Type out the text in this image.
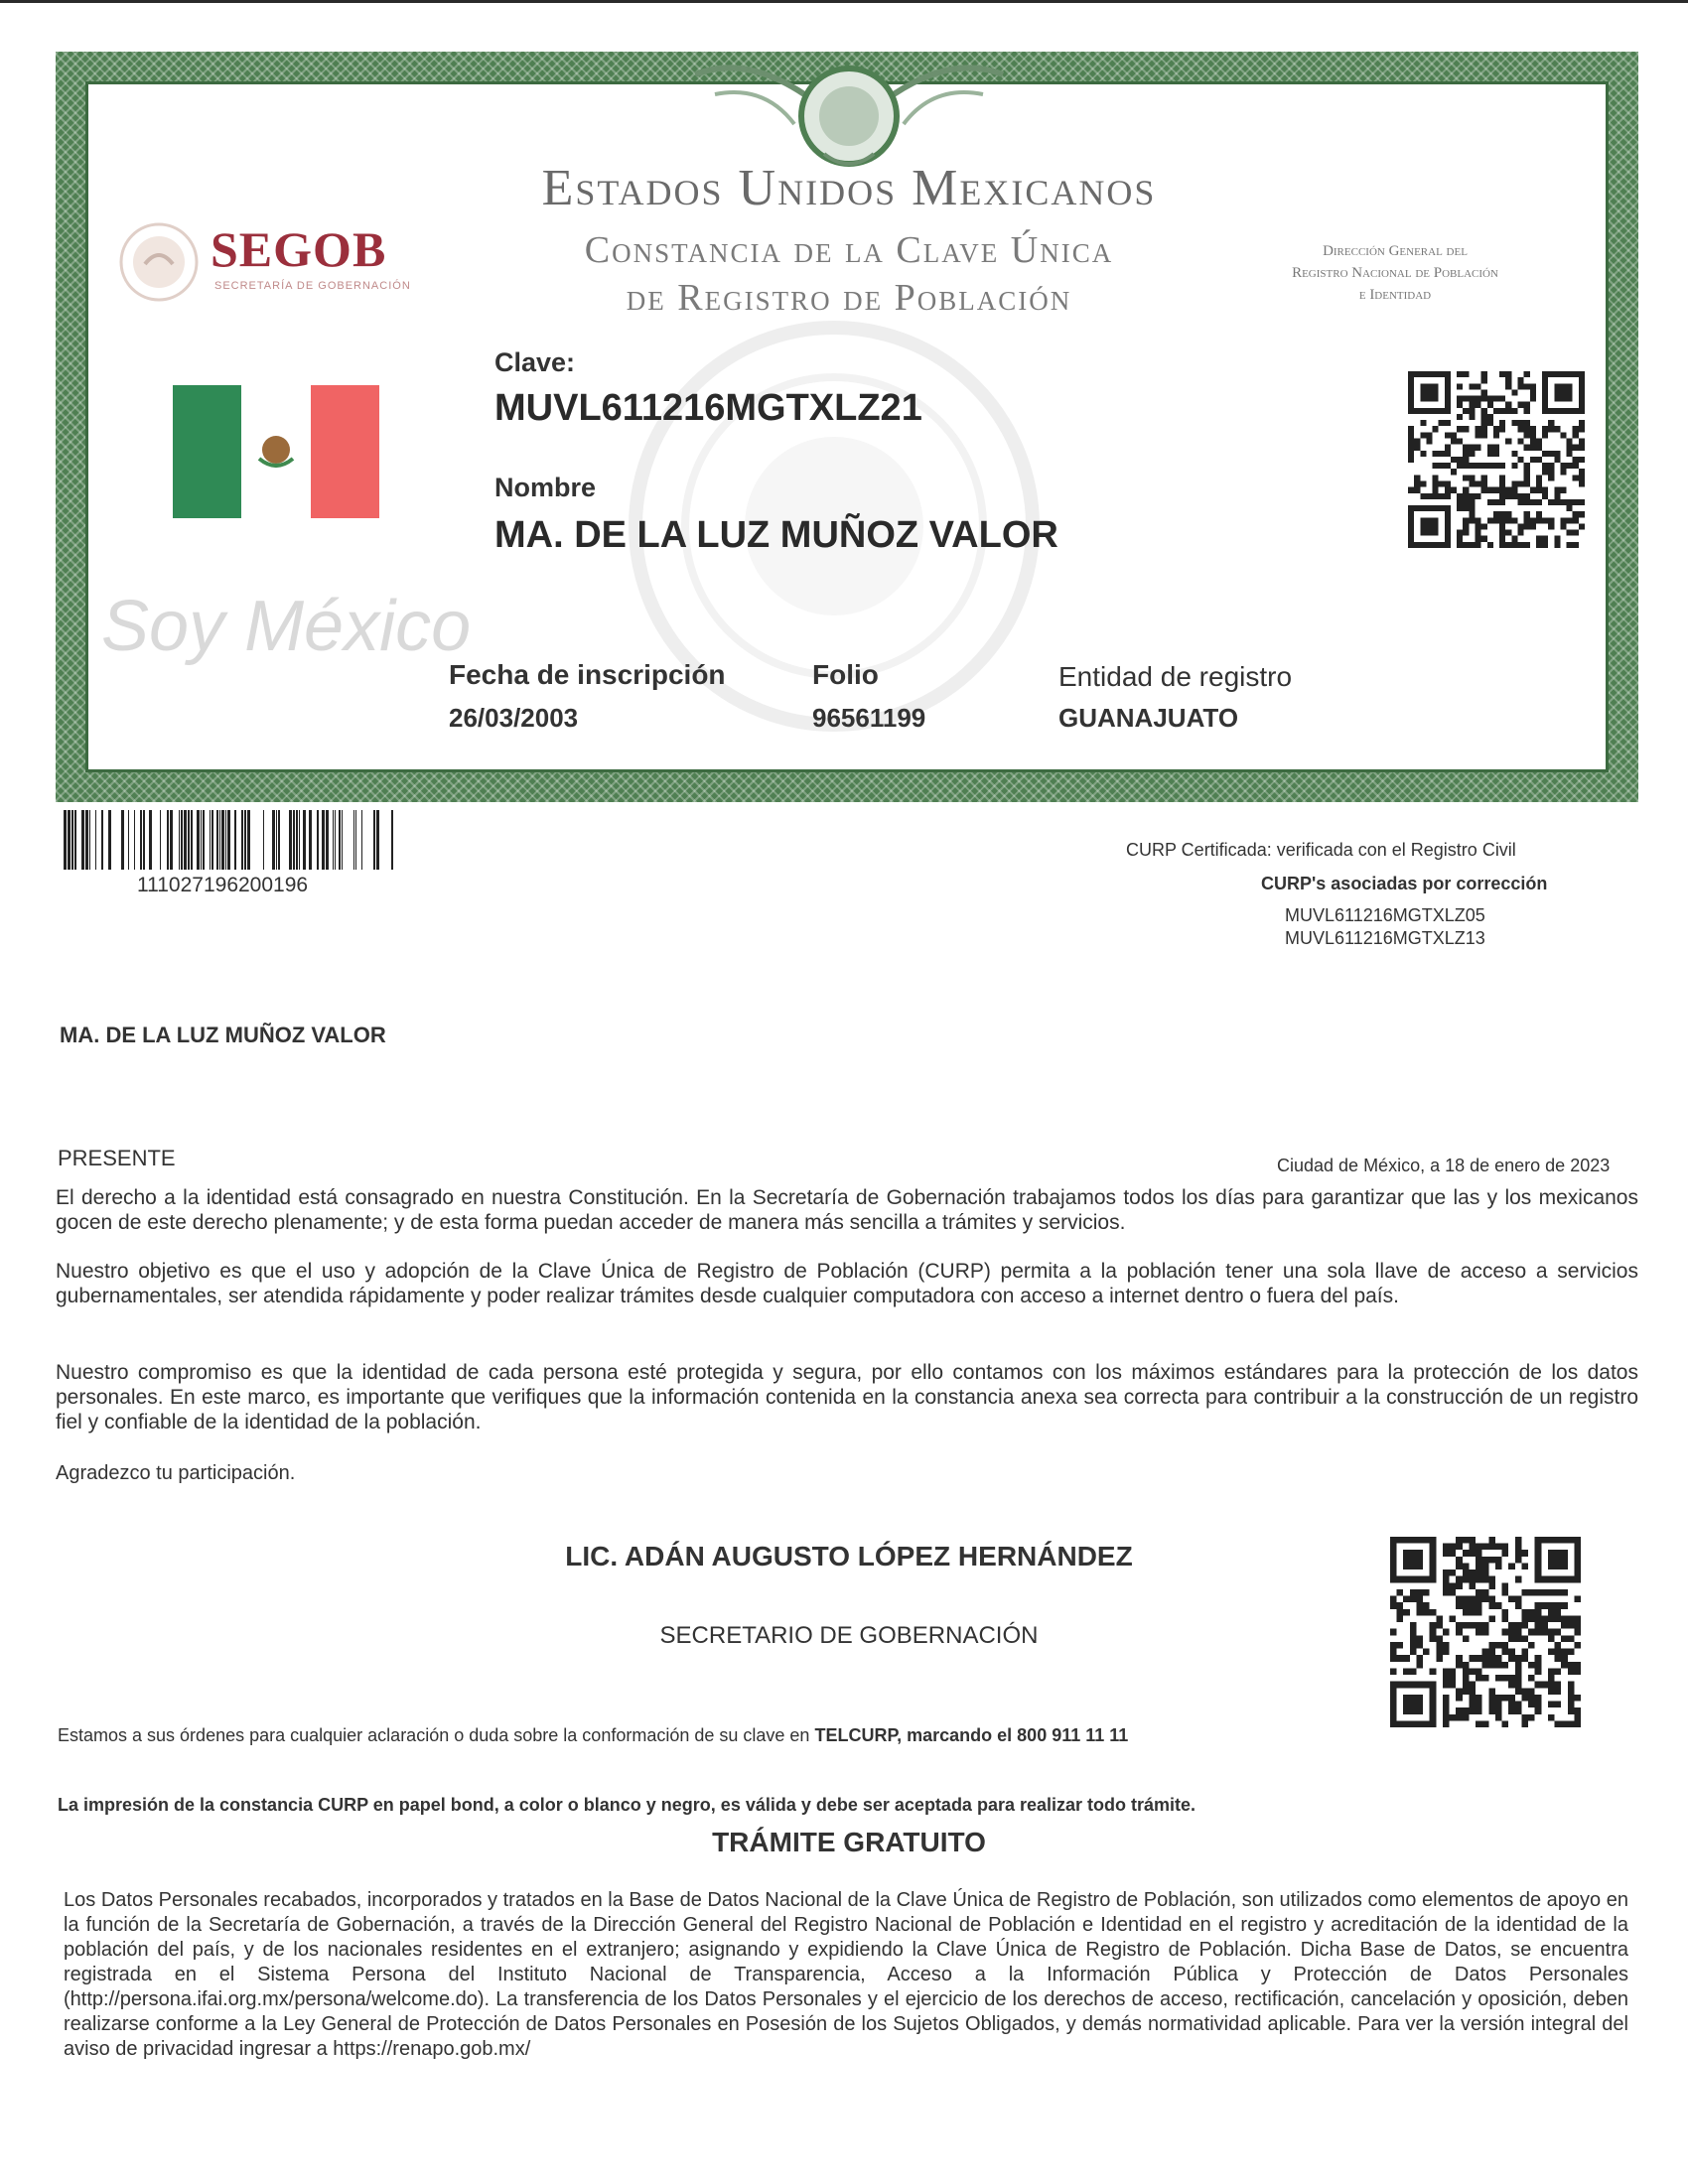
Estados Unidos Mexicanos
Constancia de la Clave Única
de Registro de Población
Dirección General del
Registro Nacional de Población
e Identidad
SEGOB
SECRETARÍA DE GOBERNACIÓN
Soy México
Clave:
MUVL611216MGTXLZ21
Nombre
MA. DE LA LUZ MUÑOZ VALOR
Fecha de inscripción
26/03/2003
Folio
96561199
Entidad de registro
GUANAJUATO
111027196200196
CURP Certificada: verificada con el Registro Civil
CURP's asociadas por corrección
MUVL611216MGTXLZ05
MUVL611216MGTXLZ13
MA. DE LA LUZ MUÑOZ VALOR
PRESENTE	Ciudad de México, a 18 de enero de 2023
El derecho a la identidad está consagrado en nuestra Constitución. En la Secretaría de Gobernación trabajamos todos los días para garantizar que las y los mexicanos gocen de este derecho plenamente; y de esta forma puedan acceder de manera más sencilla a trámites y servicios.
Nuestro objetivo es que el uso y adopción de la Clave Única de Registro de Población (CURP) permita a la población tener una sola llave de acceso a servicios gubernamentales, ser atendida rápidamente y poder realizar trámites desde cualquier computadora con acceso a internet dentro o fuera del país.
Nuestro compromiso es que la identidad de cada persona esté protegida y segura, por ello contamos con los máximos estándares para la protección de los datos personales. En este marco, es importante que verifiques que la información contenida en la constancia anexa sea correcta para contribuir a la construcción de un registro fiel y confiable de la identidad de la población.
Agradezco tu participación.
LIC. ADÁN AUGUSTO LÓPEZ HERNÁNDEZ
SECRETARIO DE GOBERNACIÓN
Estamos a sus órdenes para cualquier aclaración o duda sobre la conformación de su clave en TELCURP, marcando el 800 911 11 11
La impresión de la constancia CURP en papel bond, a color o blanco y negro, es válida y debe ser aceptada para realizar todo trámite.
TRÁMITE GRATUITO
Los Datos Personales recabados, incorporados y tratados en la Base de Datos Nacional de la Clave Única de Registro de Población, son utilizados como elementos de apoyo en la función de la Secretaría de Gobernación, a través de la Dirección General del Registro Nacional de Población e Identidad en el registro y acreditación de la identidad de la población del país, y de los nacionales residentes en el extranjero; asignando y expidiendo la Clave Única de Registro de Población. Dicha Base de Datos, se encuentra registrada en el Sistema Persona del Instituto Nacional de Transparencia, Acceso a la Información Pública y Protección de Datos Personales (http://persona.ifai.org.mx/persona/welcome.do). La transferencia de los Datos Personales y el ejercicio de los derechos de acceso, rectificación, cancelación y oposición, deben realizarse conforme a la Ley General de Protección de Datos Personales en Posesión de los Sujetos Obligados, y demás normatividad aplicable. Para ver la versión integral del aviso de privacidad ingresar a https://renapo.gob.mx/
